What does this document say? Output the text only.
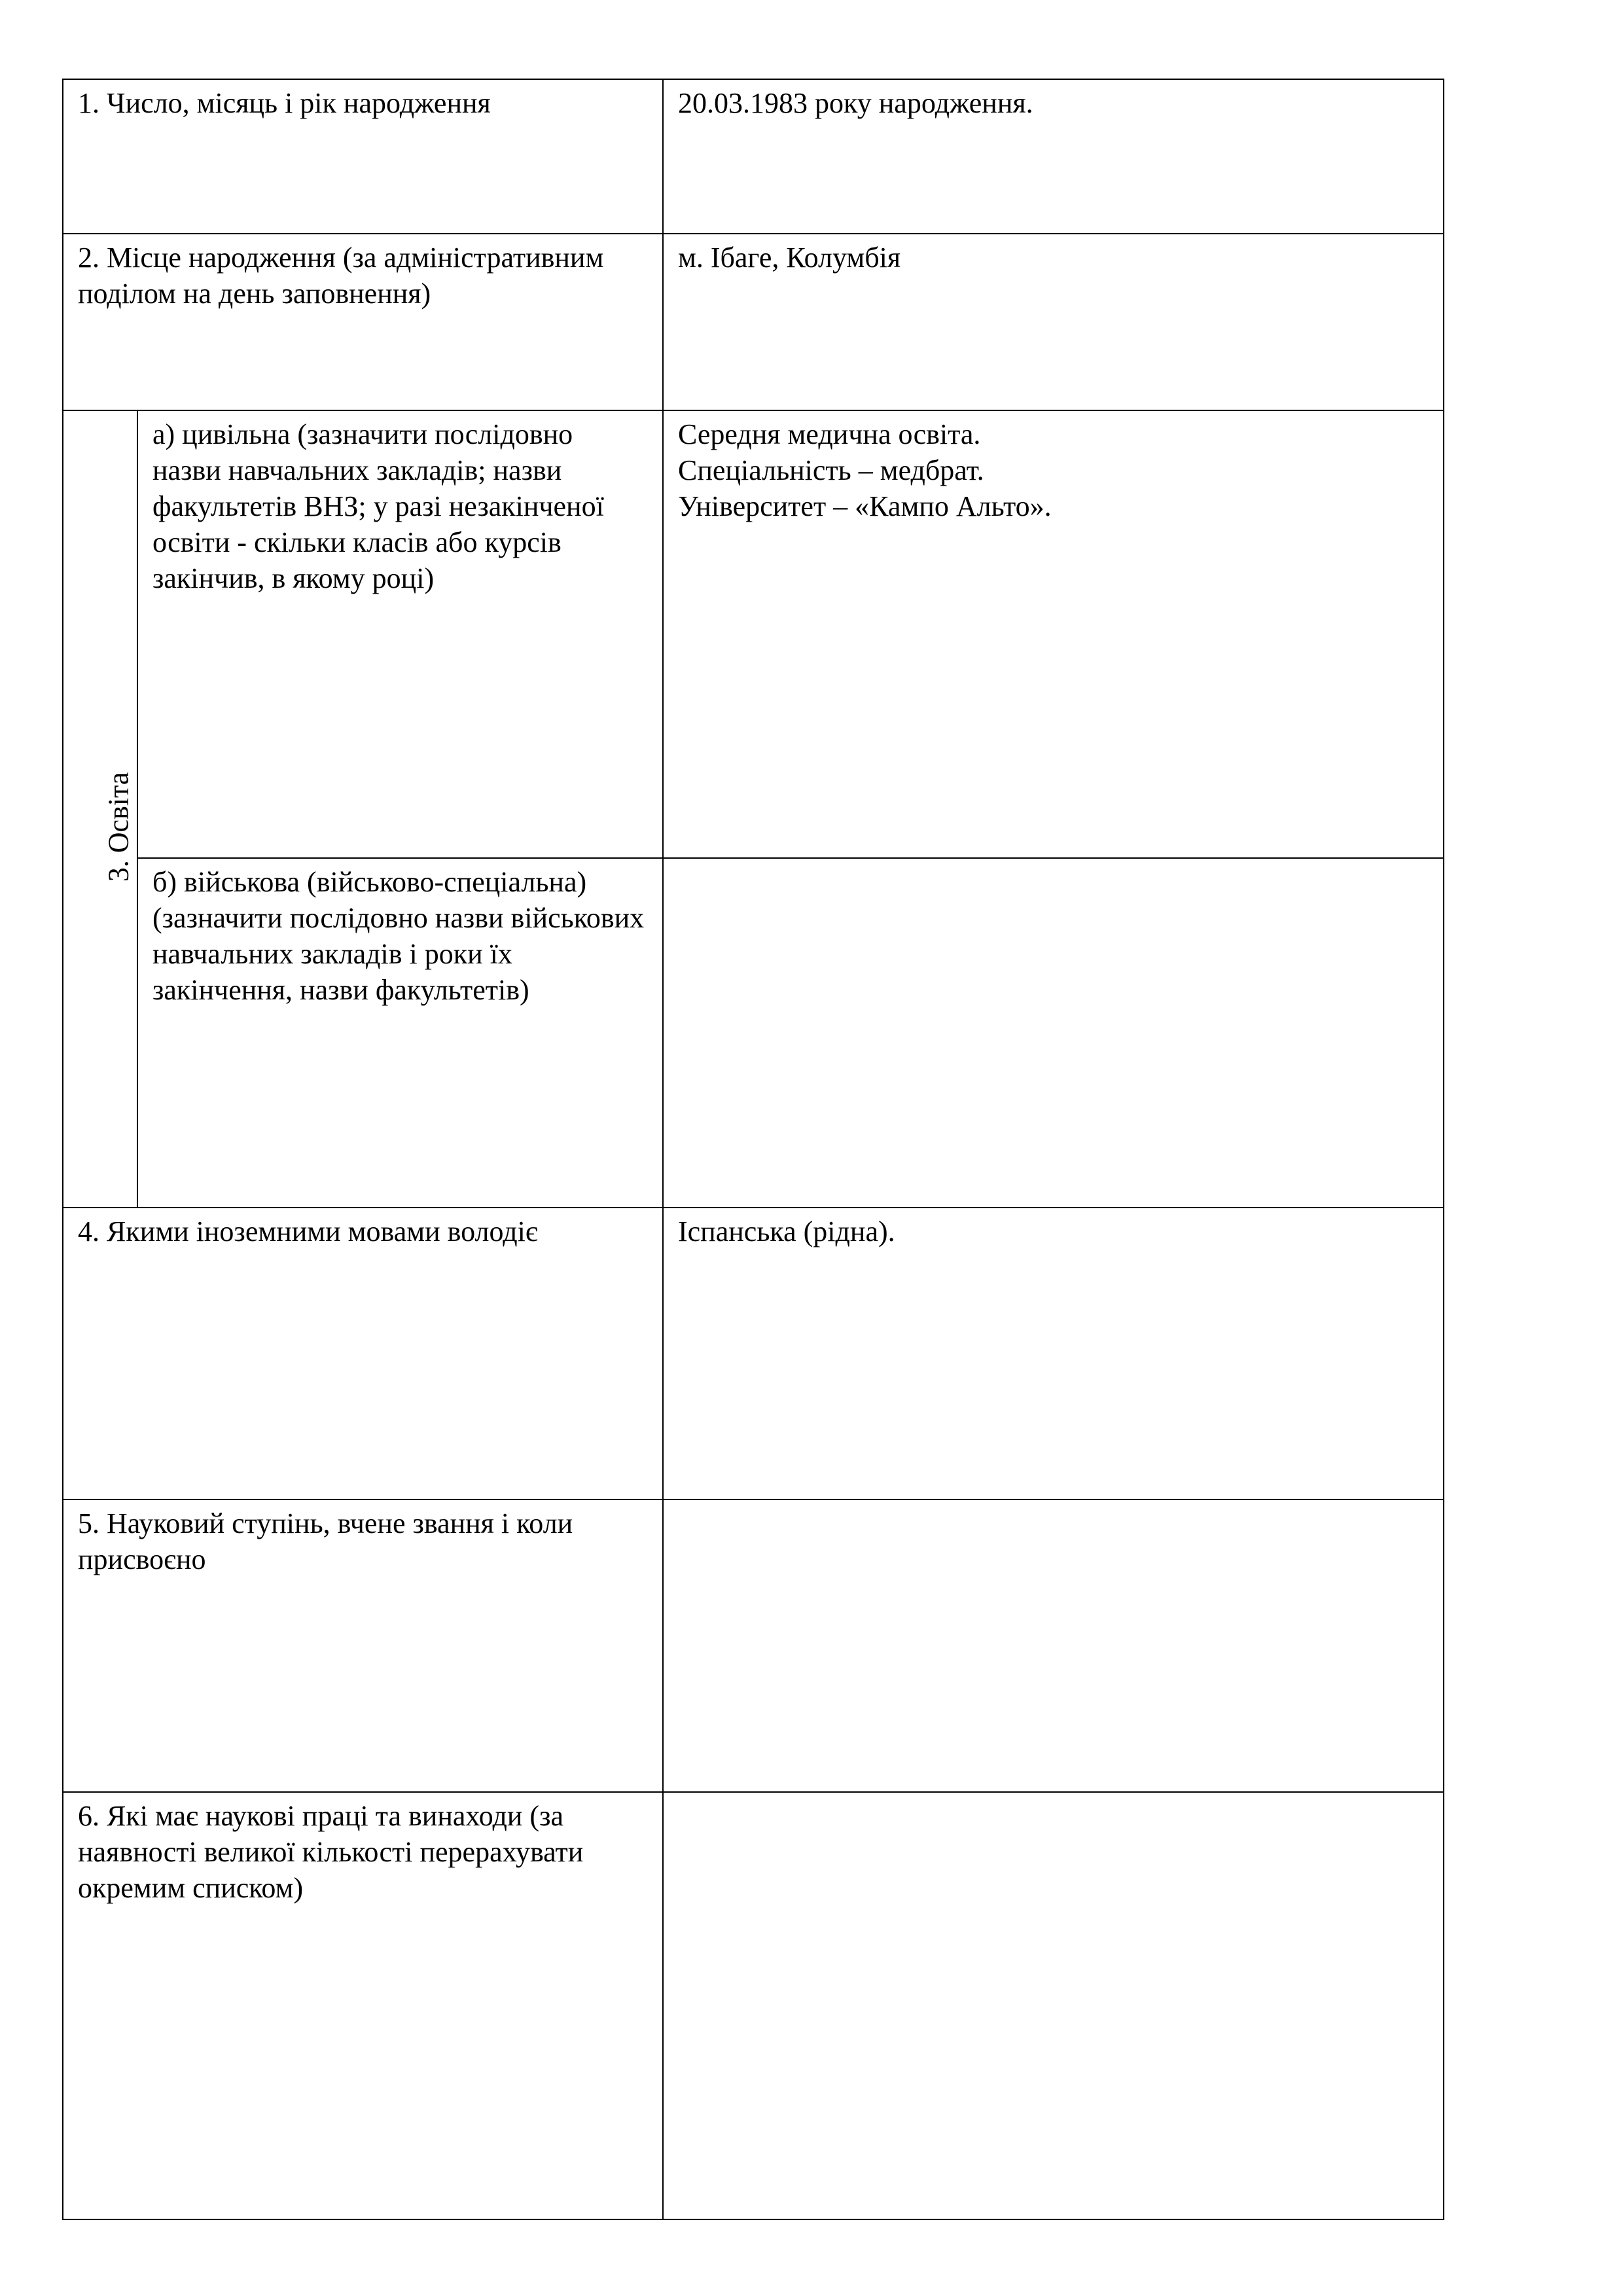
1. Число, місяць і рік народження		20.03.1983 року народження.
2. Місце народження (за адміністративним поділом на день заповнення)		м. Ібаге, Колумбія

3. Освіта	а) цивільна (зазначити послідовно назви навчальних закладів; назви факультетів ВНЗ; у разі незакінченої освіти - скільки класів або курсів закінчив, в якому році)	Середня медична освіта.
Спеціальність – медбрат.
Університет – «Кампо Альто».

	б) військова (військово-спеціальна) (зазначити послідовно назви військових навчальних закладів і роки їх закінчення, назви факультетів)	
4. Якими іноземними мовами володіє		Іспанська (рідна).
5. Науковий ступінь, вчене звання і коли присвоєно		
6. Які має наукові праці та винаходи (за наявності великої кількості перерахувати окремим списком)		
